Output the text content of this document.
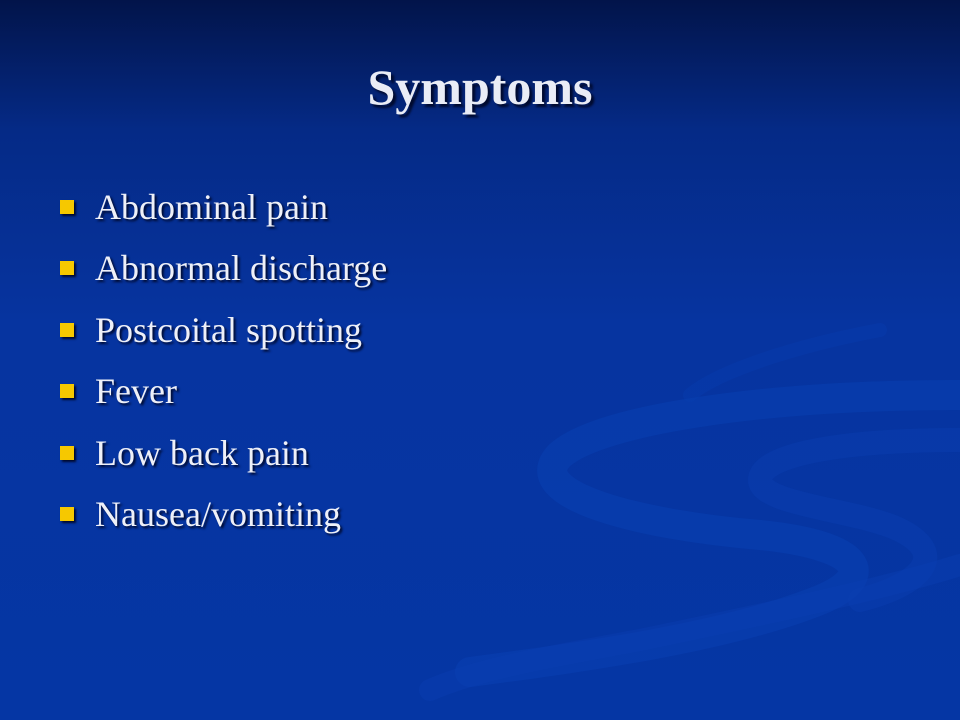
Symptoms
Abdominal pain
Abnormal discharge
Postcoital spotting
Fever
Low back pain
Nausea/vomiting
